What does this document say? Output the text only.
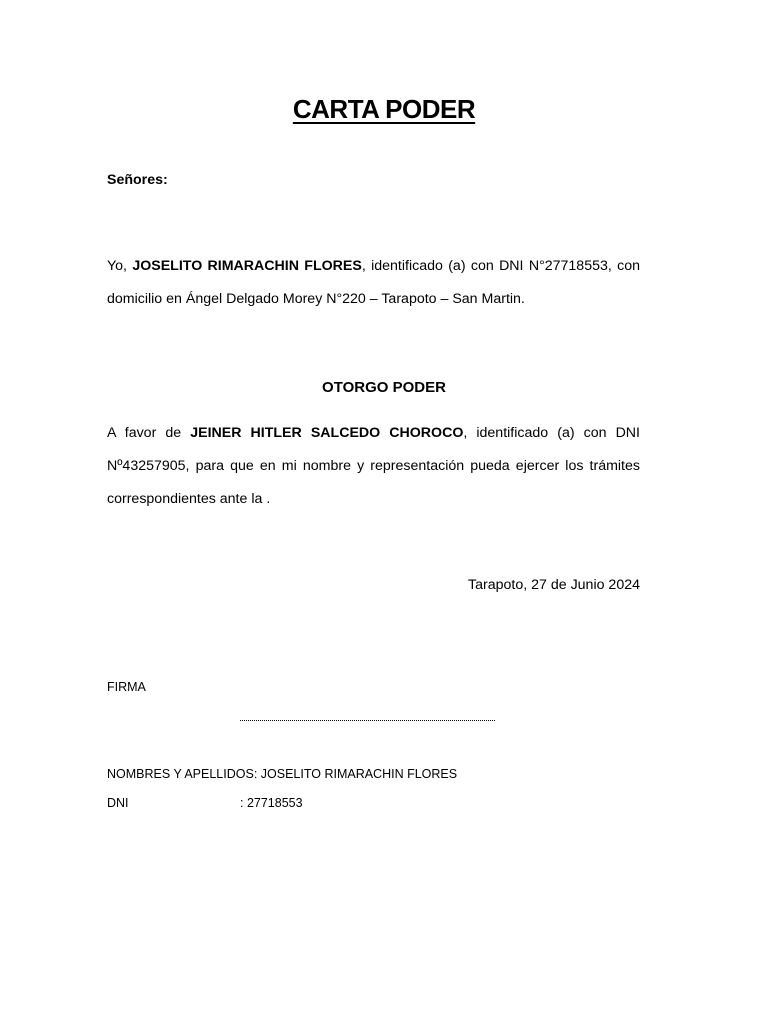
CARTA PODER
Señores:
Yo, JOSELITO RIMARACHIN FLORES, identificado (a) con DNI N°27718553, con domicilio en Ángel Delgado Morey N°220 – Tarapoto – San Martin.
OTORGO PODER
A favor de JEINER HITLER SALCEDO CHOROCO, identificado (a) con DNI Nº43257905, para que en mi nombre y representación pueda ejercer los trámites correspondientes ante la .
Tarapoto, 27 de Junio 2024
FIRMA
NOMBRES Y APELLIDOS: JOSELITO RIMARACHIN FLORES
DNI	: 27718553
